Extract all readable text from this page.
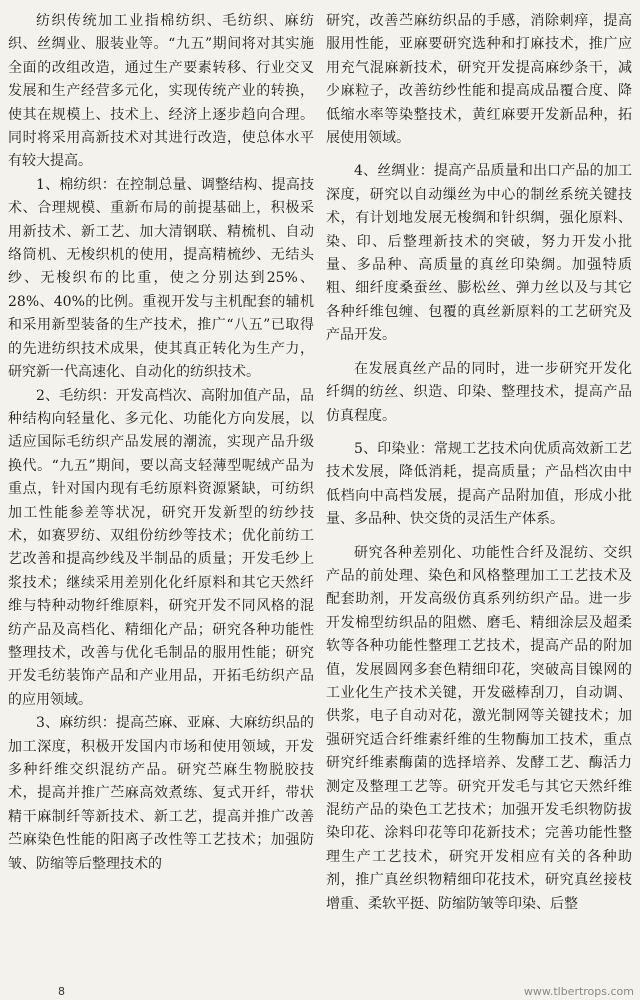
纺织传统加工业指棉纺织、毛纺织、麻纺织、丝绸业、服装业等。“九五”期间将对其实施全面的改组改造，通过生产要素转移、行业交叉发展和生产经营多元化，实现传统产业的转换，使其在规模上、技术上、经济上逐步趋向合理。同时将采用高新技术对其进行改造，使总体水平有较大提高。

1、棉纺织：在控制总量、调整结构、提高技术、合理规模、重新布局的前提基础上，积极采用新技术、新工艺、加大清钢联、精梳机、自动络筒机、无梭织机的使用，提高精梳纱、无结头纱、无梭织布的比重，使之分别达到25%、28%、40%的比例。重视开发与主机配套的辅机和采用新型装备的生产技术，推广“八五”已取得的先进纺织技术成果，使其真正转化为生产力，研究新一代高速化、自动化的纺织技术。

2、毛纺织：开发高档次、高附加值产品，品种结构向轻量化、多元化、功能化方向发展，以适应国际毛纺织产品发展的潮流，实现产品升级换代。“九五”期间，要以高支轻薄型呢绒产品为重点，针对国内现有毛纺原料资源紧缺，可纺织加工性能参差等状况，研究开发新型的纺纱技术，如赛罗纺、双组份纺纱等技术；优化前纺工艺改善和提高纱线及半制品的质量；开发毛纱上浆技术；继续采用差别化化纤原料和其它天然纤维与特种动物纤维原料，研究开发不同风格的混纺产品及高档化、精细化产品；研究各种功能性整理技术，改善与优化毛制品的服用性能；研究开发毛纺装饰产品和产业用品，开拓毛纺织产品的应用领域。

3、麻纺织：提高苎麻、亚麻、大麻纺织品的加工深度，积极开发国内市场和使用领域，开发多种纤维交织混纺产品。研究苎麻生物脱胶技术，提高并推广苎麻高效煮练、复式开纤，带状精干麻制纤等新技术、新工艺，提高并推广改善苎麻染色性能的阳离子改性等工艺技术；加强防皱、防缩等后整理技术的

研究，改善苎麻纺织品的手感，消除刺痒，提高服用性能，亚麻要研究选种和打麻技术，推广应用充气混麻新技术，研究开发提高麻纱条干，减少麻粒子，改善纺纱性能和提高成品覆合度、降低缩水率等染整技术，黄红麻要开发新品种，拓展使用领域。

4、丝绸业：提高产品质量和出口产品的加工深度，研究以自动缫丝为中心的制丝系统关键技术，有计划地发展无梭绸和针织绸，强化原料、染、印、后整理新技术的突破，努力开发小批量、多品种、高质量的真丝印染绸。加强特质粗、细纤度桑蚕丝、膨松丝、弹力丝以及与其它各种纤维包缠、包覆的真丝新原料的工艺研究及产品开发。

在发展真丝产品的同时，进一步研究开发化纤绸的纺丝、织造、印染、整理技术，提高产品仿真程度。

5、印染业：常规工艺技术向优质高效新工艺技术发展，降低消耗，提高质量；产品档次由中低档向中高档发展，提高产品附加值，形成小批量、多品种、快交货的灵活生产体系。

研究各种差别化、功能性合纤及混纺、交织产品的前处理、染色和风格整理加工工艺技术及配套助剂，开发高级仿真系列纺织产品。进一步开发棉型纺织品的阻燃、磨毛、精细涂层及超柔软等各种功能性整理工艺技术，提高产品的附加值，发展圆网多套色精细印花，突破高目镍网的工业化生产技术关键，开发磁棒刮刀，自动调、供浆，电子自动对花，激光制网等关键技术；加强研究适合纤维素纤维的生物酶加工技术，重点研究纤维素酶菌的选择培养、发酵工艺、酶活力测定及整理工艺等。研究开发毛与其它天然纤维混纺产品的染色工艺技术；加强开发毛织物防拔染印花、涂料印花等印花新技术；完善功能性整理生产工艺技术，研究开发相应有关的各种助剂，推广真丝织物精细印花技术，研究真丝接枝增重、柔软平挺、防缩防皱等印染、后整

8	www.tlbertrops.com
